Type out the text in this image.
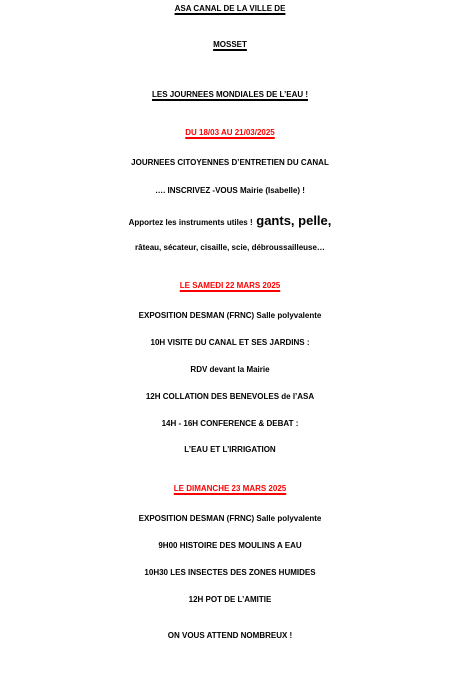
ASA CANAL DE LA VILLE DE
MOSSET
LES JOURNEES MONDIALES DE L’EAU !
DU 18/03 AU 21/03/2025
JOURNEES CITOYENNES D’ENTRETIEN DU CANAL
…. INSCRIVEZ -VOUS Mairie (Isabelle) !
Apportez les instruments utiles ! gants, pelle,
râteau, sécateur, cisaille, scie, débroussailleuse…
LE SAMEDI 22 MARS 2025
EXPOSITION DESMAN (FRNC) Salle polyvalente
10H VISITE DU CANAL ET SES JARDINS :
RDV devant la Mairie
12H COLLATION DES BENEVOLES de l’ASA
14H - 16H CONFERENCE & DEBAT :
L’EAU ET L’IRRIGATION
LE DIMANCHE 23 MARS 2025
EXPOSITION DESMAN (FRNC) Salle polyvalente
9H00 HISTOIRE DES MOULINS A EAU
10H30 LES INSECTES DES ZONES HUMIDES
12H POT DE L’AMITIE
ON VOUS ATTEND NOMBREUX !
